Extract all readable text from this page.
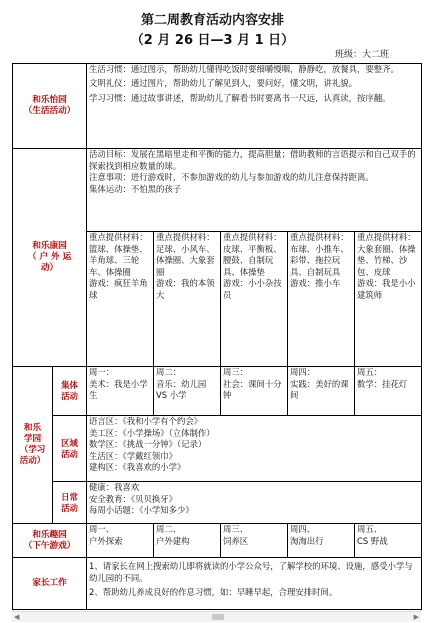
第二周教育活动内容安排
（2 月 26 日—3 月 1 日）
班级：大二班
和乐怡园
（生活活动）		生活习惯：通过图示，帮助幼儿懂得吃饭时要细嚼慢咽，静静吃，放餐具，要整齐。
文明礼仪：通过图片，帮助幼儿了解见到人，要问好，懂文明，讲礼貌。
学习习惯：通过故事讲述，帮助幼儿了解看书时要离书一尺远，认真读，按序翻。				

和乐康园
（ 户 外 运
动）		活动目标：发展在黑暗里走和平衡的能力，提高胆量；借助教师的言语提示和自己双手的探索找到相应数量的球。
注意事项：进行游戏时，不参加游戏的幼儿与参加游戏的幼儿注意保持距离。
集体运动：不怕黑的孩子				

		重点提供材料：篮球、体操垫、羊角球、三轮车、体操圈
游戏：疯狂羊角球	重点提供材料：足球、小风车、体操圈、大象套圈
游戏：我的本领大	重点提供材料：皮球、平衡板、腰鼓、自制玩具、体操垫
游戏：小小杂技员	重点提供材料：布球、小推车、彩带、拖拉玩具、自制玩具
游戏：推小车	重点提供材料：大象套圈、体操垫、竹梯、沙包、皮球
游戏：我是小小建筑师

和乐
学园
（学习
活动）	集体
活动	周一：
美术：我是小学生	周二：
音乐：幼儿园 VS 小学	周三：
社会：课间十分钟	周四：
实践：美好的课间	周五：
数学：挂花灯

	区域
活动	语言区：《我和小学有个约会》
美工区：《小学操场》（立体制作）
数学区：《挑战一分钟》（记录）
生活区：《学戴红领巾》
建构区：《我喜欢的小学》				

	日常
活动	健康：我喜欢
安全教育：《贝贝换牙》
每周小话题：《小学知多少》				

和乐趣园
（下午游戏）		周一、
户外探索	周二、
户外建构	周三、
饲养区	周四、
淘淘出行	周五、
CS 野战

家长工作		1、请家长在网上搜索幼儿即将就读的小学公众号，了解学校的环境、设施，感受小学与幼儿园的不同。
2、帮助幼儿养成良好的作息习惯，如：早睡早起，合理安排时间。				
◀	▶
